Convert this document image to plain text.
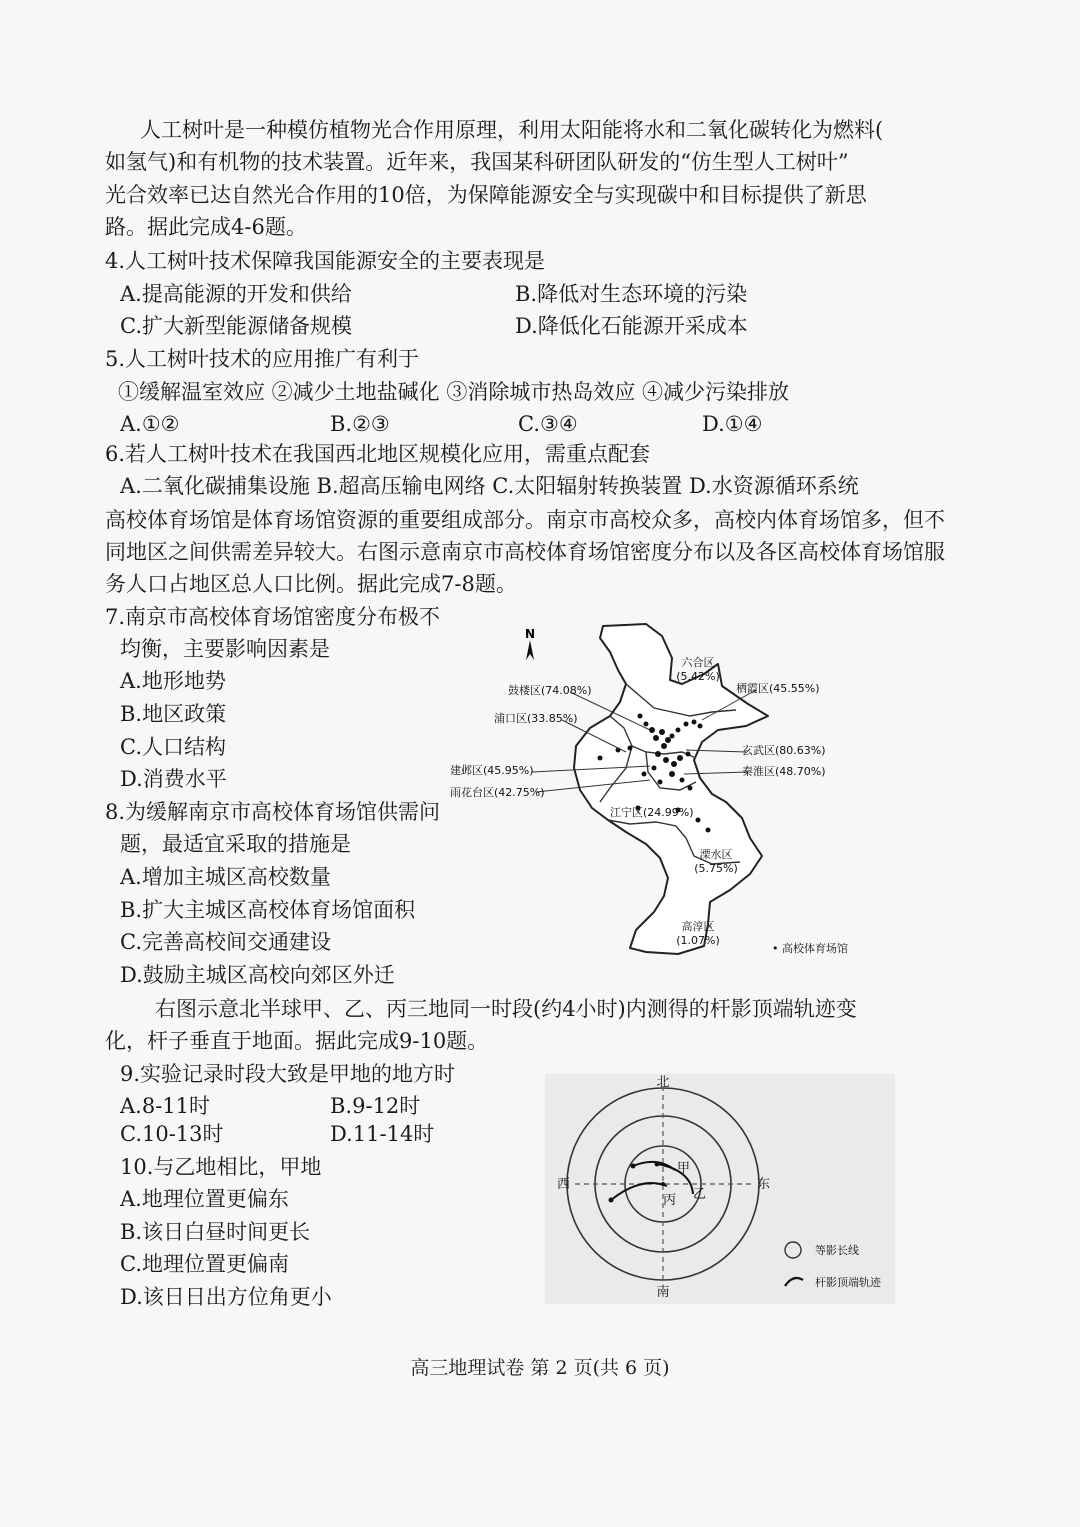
人工树叶是一种模仿植物光合作用原理，利用太阳能将水和二氧化碳转化为燃料(
如氢气)和有机物的技术装置。近年来，我国某科研团队研发的“仿生型人工树叶”
光合效率已达自然光合作用的10倍，为保障能源安全与实现碳中和目标提供了新思
路。据此完成4-6题。
4.人工树叶技术保障我国能源安全的主要表现是
A.提高能源的开发和供给	B.降低对生态环境的污染
C.扩大新型能源储备规模	D.降低化石能源开采成本
5.人工树叶技术的应用推广有利于
①缓解温室效应 ②减少土地盐碱化 ③消除城市热岛效应 ④减少污染排放
A.①②	B.②③	C.③④	D.①④
6.若人工树叶技术在我国西北地区规模化应用，需重点配套
A.二氧化碳捕集设施 B.超高压输电网络 C.太阳辐射转换装置 D.水资源循环系统
高校体育场馆是体育场馆资源的重要组成部分。南京市高校众多，高校内体育场馆多，但不
同地区之间供需差异较大。右图示意南京市高校体育场馆密度分布以及各区高校体育场馆服
务人口占地区总人口比例。据此完成7-8题。
7.南京市高校体育场馆密度分布极不
均衡，主要影响因素是
A.地形地势
B.地区政策
C.人口结构
D.消费水平
8.为缓解南京市高校体育场馆供需问
题，最适宜采取的措施是
A.增加主城区高校数量
B.扩大主城区高校体育场馆面积
C.完善高校间交通建设
D.鼓励主城区高校向郊区外迁
N
六合区
(5.42%)
鼓楼区(74.08%)	栖霞区(45.55%)
浦口区(33.85%)
玄武区(80.63%)
建邺区(45.95%)	秦淮区(48.70%)
雨花台区(42.75%)
江宁区(24.99%)
溧水区
(5.75%)
高淳区
(1.07%)
• 高校体育场馆
右图示意北半球甲、乙、丙三地同一时段(约4小时)内测得的杆影顶端轨迹变
化，杆子垂直于地面。据此完成9-10题。
9.实验记录时段大致是甲地的地方时
A.8-11时	B.9-12时
C.10-13时	D.11-14时
10.与乙地相比，甲地
A.地理位置更偏东
B.该日白昼时间更长
C.地理位置更偏南
D.该日日出方位角更小
北
南
西	东
甲
乙
丙
等影长线
杆影顶端轨迹
高三地理试卷 第 2 页(共 6 页)
